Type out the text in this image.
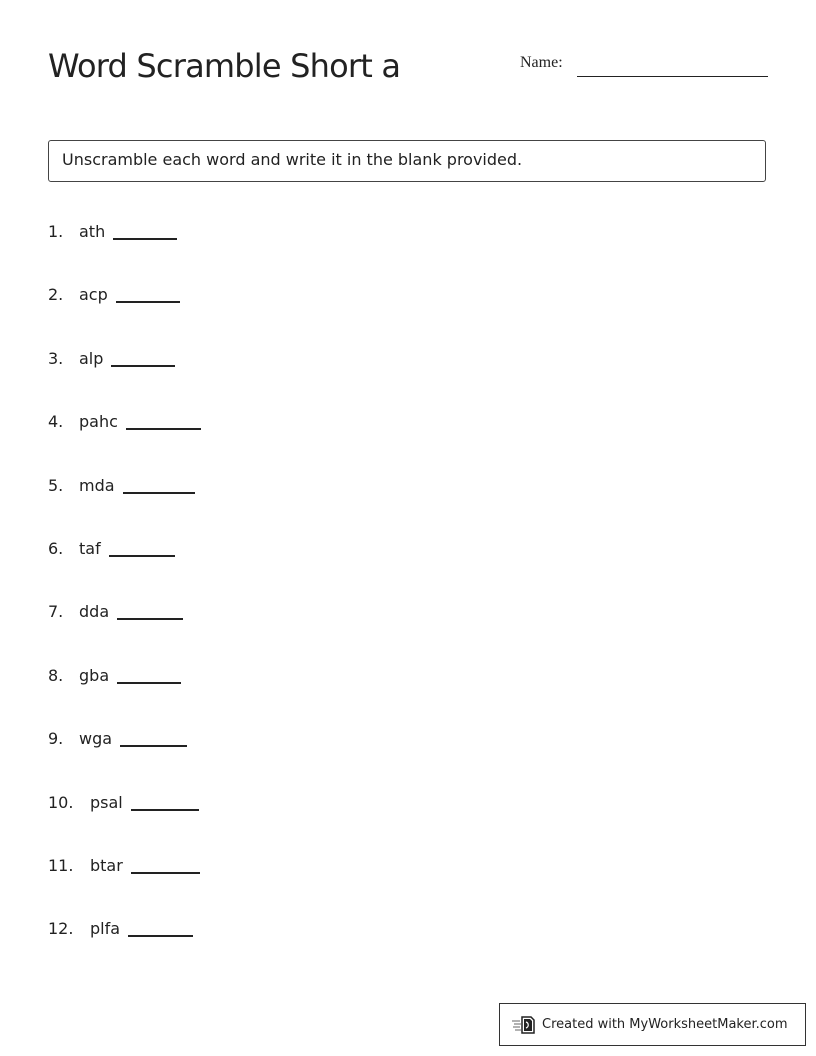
Word Scramble Short a	Name:
Unscramble each word and write it in the blank provided.
1. ath
2. acp
3. alp
4. pahc
5. mda
6. taf
7. dda
8. gba
9. wga
10.	psal
11.	btar
12.	plfa
Created with MyWorksheetMaker.com
